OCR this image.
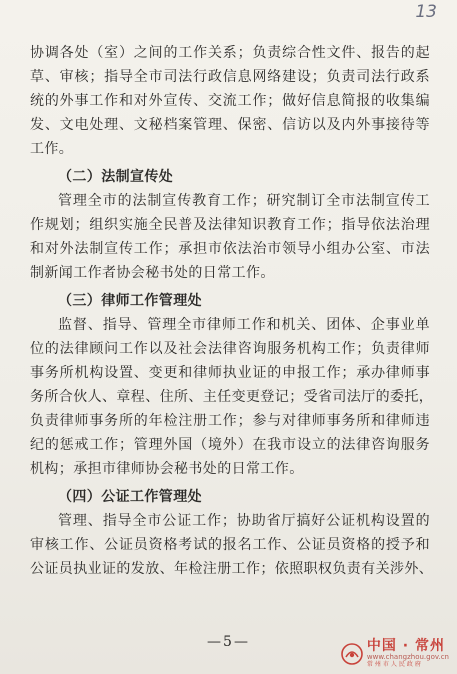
13
协调各处（室）之间的工作关系；负责综合性文件、报告的起
草、审核；指导全市司法行政信息网络建设；负责司法行政系
统的外事工作和对外宣传、交流工作；做好信息简报的收集编
发、文电处理、文秘档案管理、保密、信访以及内外事接待等
工作。
（二）法制宣传处
管理全市的法制宣传教育工作；研究制订全市法制宣传工
作规划；组织实施全民普及法律知识教育工作；指导依法治理
和对外法制宣传工作；承担市依法治市领导小组办公室、市法
制新闻工作者协会秘书处的日常工作。
（三）律师工作管理处
监督、指导、管理全市律师工作和机关、团体、企事业单
位的法律顾问工作以及社会法律咨询服务机构工作；负责律师
事务所机构设置、变更和律师执业证的申报工作；承办律师事
务所合伙人、章程、住所、主任变更登记；受省司法厅的委托，
负责律师事务所的年检注册工作；参与对律师事务所和律师违
纪的惩戒工作；管理外国（境外）在我市设立的法律咨询服务
机构；承担市律师协会秘书处的日常工作。
（四）公证工作管理处
管理、指导全市公证工作；协助省厅搞好公证机构设置的
审核工作、公证员资格考试的报名工作、公证员资格的授予和
公证员执业证的发放、年检注册工作；依照职权负责有关涉外、
—5—	中国 · 常州
www.changzhou.gov.cn
常州市人民政府
